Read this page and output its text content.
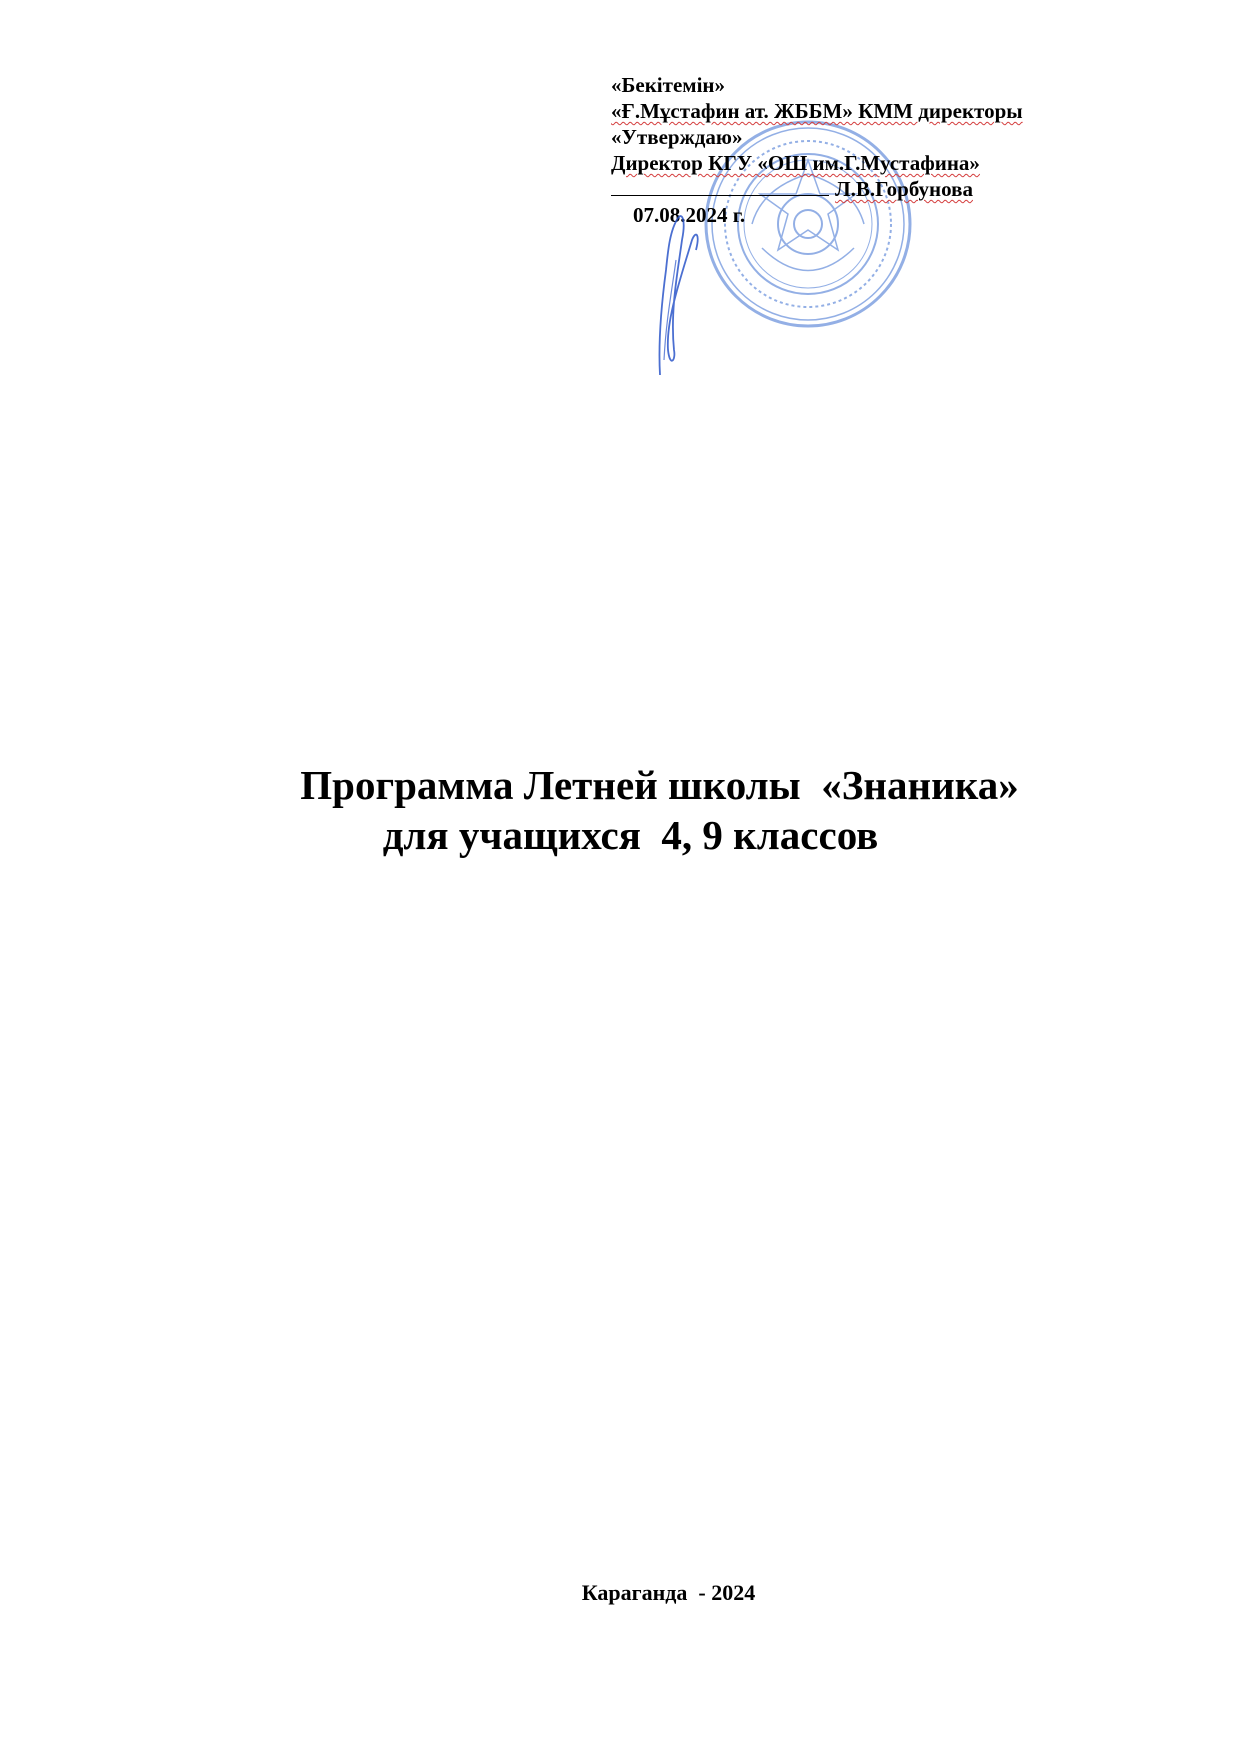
«Бекітемін»
«Ғ.Мұстафин ат. ЖББМ» КММ директоры
«Утверждаю»
Директор КГУ «ОШ им.Г.Мустафина»
Л.В.Горбунова
07.08.2024 г.
Программа Летней школы  «Знаника»
для учащихся  4, 9 классов
Караганда  - 2024
